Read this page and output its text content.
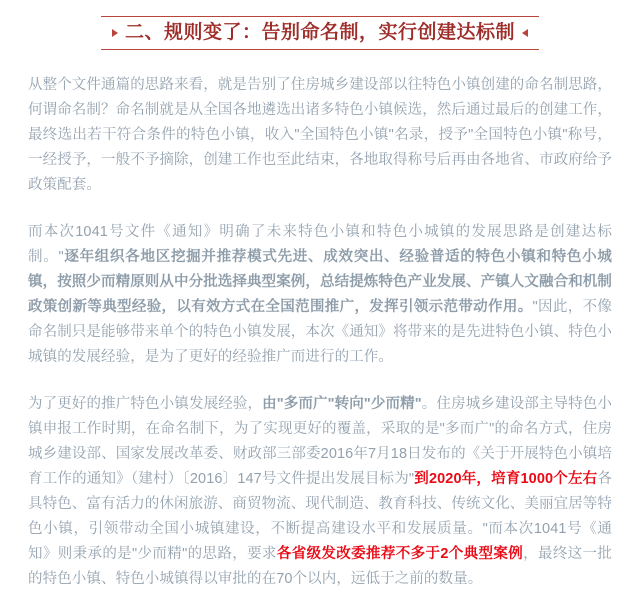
二、规则变了：告别命名制，实行创建达标制

从整个文件通篇的思路来看，就是告别了住房城乡建设部以往特色小镇创建的命名制思路，何谓命名制？命名制就是从全国各地遴选出诸多特色小镇候选，然后通过最后的创建工作，最终选出若干符合条件的特色小镇，收入"全国特色小镇"名录，授予"全国特色小镇"称号，一经授予，一般不予摘除，创建工作也至此结束，各地取得称号后再由各地省、市政府给予政策配套。

而本次1041号文件《通知》明确了未来特色小镇和特色小城镇的发展思路是创建达标制。"逐年组织各地区挖掘并推荐模式先进、成效突出、经验普适的特色小镇和特色小城镇，按照少而精原则从中分批选择典型案例，总结提炼特色产业发展、产镇人文融合和机制政策创新等典型经验，以有效方式在全国范围推广，发挥引领示范带动作用。"因此，不像命名制只是能够带来单个的特色小镇发展，本次《通知》将带来的是先进特色小镇、特色小城镇的发展经验，是为了更好的经验推广而进行的工作。

为了更好的推广特色小镇发展经验，由"多而广"转向"少而精"。住房城乡建设部主导特色小镇申报工作时期，在命名制下，为了实现更好的覆盖，采取的是"多而广"的命名方式，住房城乡建设部、国家发展改革委、财政部三部委2016年7月18日发布的《关于开展特色小镇培育工作的通知》（建村）〔2016〕147号文件提出发展目标为"到2020年，培育1000个左右各具特色、富有活力的休闲旅游、商贸物流、现代制造、教育科技、传统文化、美丽宜居等特色小镇，引领带动全国小城镇建设，不断提高建设水平和发展质量。"而本次1041号《通知》则秉承的是"少而精"的思路，要求各省级发改委推荐不多于2个典型案例，最终这一批的特色小镇、特色小城镇得以审批的在70个以内，远低于之前的数量。
